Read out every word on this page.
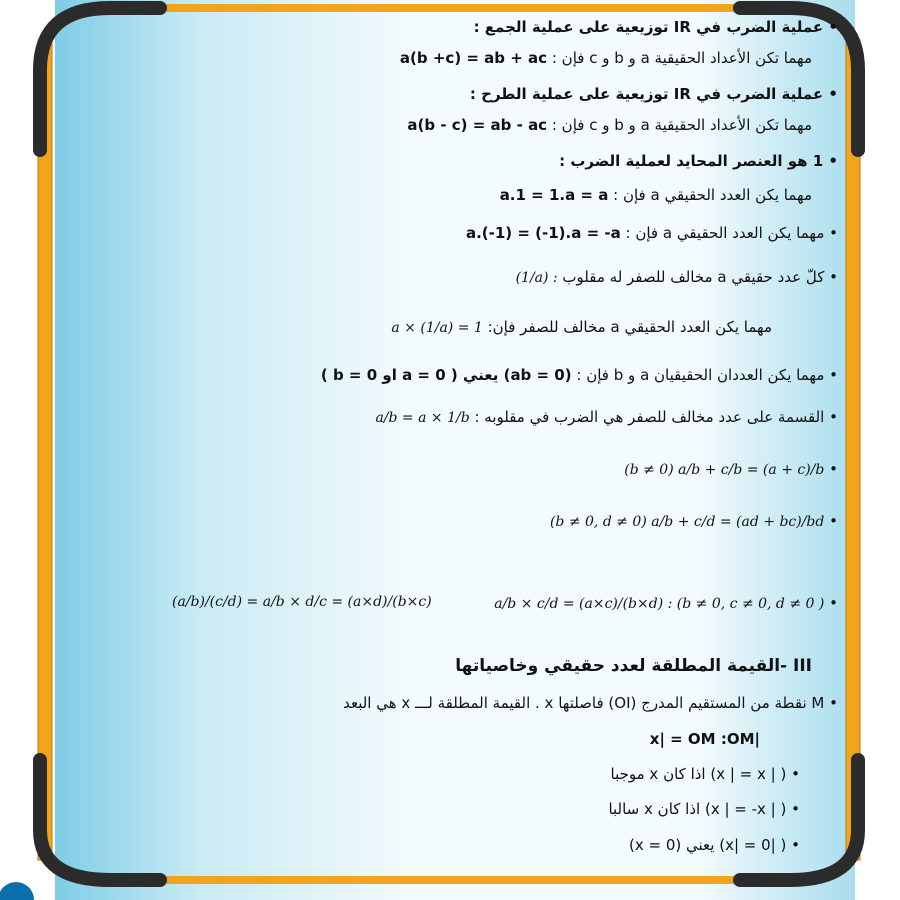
• عملية الضرب في IR توزيعية على عملية الجمع :
مهما تكن الأعداد الحقيقية a و b و c فإن : a(b +c) = ab + ac
• عملية الضرب في IR توزيعية على عملية الطرح :
مهما تكن الأعداد الحقيقية a و b و c فإن : a(b - c) = ab - ac
• 1 هو العنصر المحايد لعملية الضرب :
مهما يكن العدد الحقيقي a فإن : a.1 = 1.a = a
• مهما يكن العدد الحقيقي a فإن : a.(-1) = (-1).a = -a
• كلّ عدد حقيقي a مخالف للصفر له مقلوب (1/a) :
مهما يكن العدد الحقيقي a مخالف للصفر فإن: a × (1/a) = 1
• مهما يكن العددان الحقيقيان a و b فإن : (ab = 0) يعني ( a = 0 او b = 0 )
• القسمة على عدد مخالف للصفر هي الضرب في مقلوبه : a/b = a × 1/b
• (b ≠ 0) a/b + c/b = (a + c)/b
• (b ≠ 0, d ≠ 0) a/b + c/d = (ad + bc)/bd
• a/b × c/d = (a×c)/(b×d) : (b ≠ 0, c ≠ 0, d ≠ 0 )
(a/b)/(c/d) = a/b × d/c = (a×d)/(b×c)
III -القيمة المطلقة لعدد حقيقي وخاصياتها
• M نقطة من المستقيم المدرج (OI) فاصلتها x . القيمة المطلقة لـــ x هي البعد
|x| = OM :OM
• ( | x | = x) اذا كان x موجبا
• ( | x | = -x) اذا كان x سالبا
• ( |x| = 0) يعني (x = 0)
